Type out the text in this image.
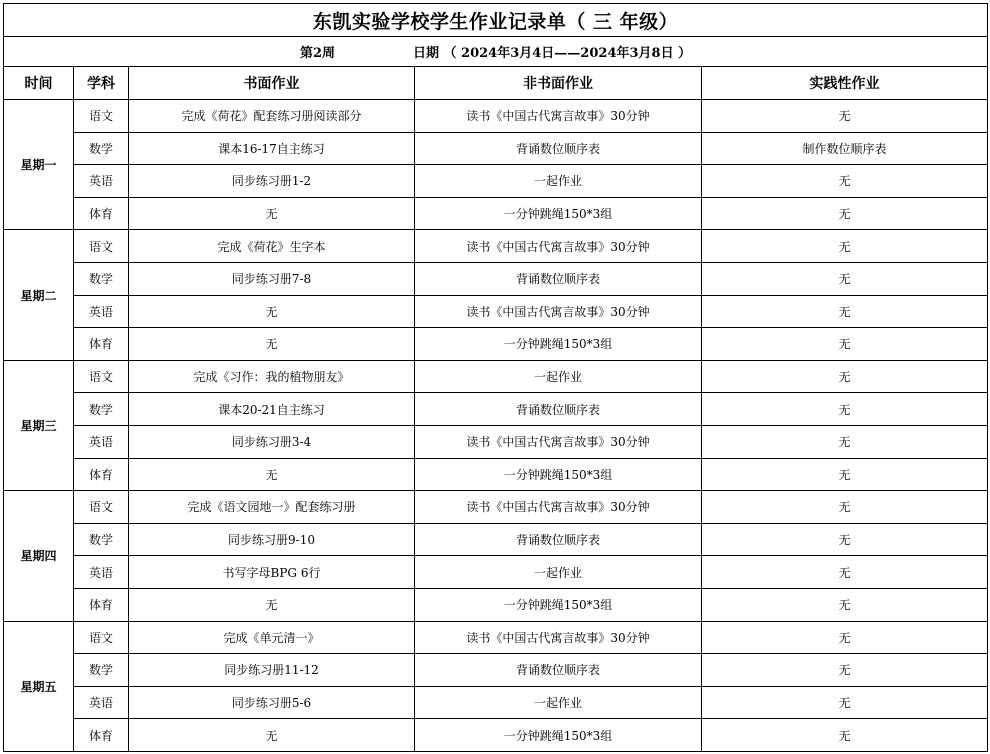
东凯实验学校学生作业记录单（ 三 年级）				
第2周 日期 （ 2024年3月4日——2024年3月8日 ）				
时间	学科	书面作业	非书面作业	实践性作业
星期一	语文	完成《荷花》配套练习册阅读部分	读书《中国古代寓言故事》30分钟	无
	数学	课本16-17自主练习	背诵数位顺序表	制作数位顺序表
	英语	同步练习册1-2	一起作业	无
	体育	无	一分钟跳绳150*3组	无
星期二	语文	完成《荷花》生字本	读书《中国古代寓言故事》30分钟	无
	数学	同步练习册7-8	背诵数位顺序表	无
	英语	无	读书《中国古代寓言故事》30分钟	无
	体育	无	一分钟跳绳150*3组	无
星期三	语文	完成《习作：我的植物朋友》	一起作业	无
	数学	课本20-21自主练习	背诵数位顺序表	无
	英语	同步练习册3-4	读书《中国古代寓言故事》30分钟	无
	体育	无	一分钟跳绳150*3组	无
星期四	语文	完成《语文园地一》配套练习册	读书《中国古代寓言故事》30分钟	无
	数学	同步练习册9-10	背诵数位顺序表	无
	英语	书写字母BPG 6行	一起作业	无
	体育	无	一分钟跳绳150*3组	无
星期五	语文	完成《单元清一》	读书《中国古代寓言故事》30分钟	无
	数学	同步练习册11-12	背诵数位顺序表	无
	英语	同步练习册5-6	一起作业	无
	体育	无	一分钟跳绳150*3组	无
